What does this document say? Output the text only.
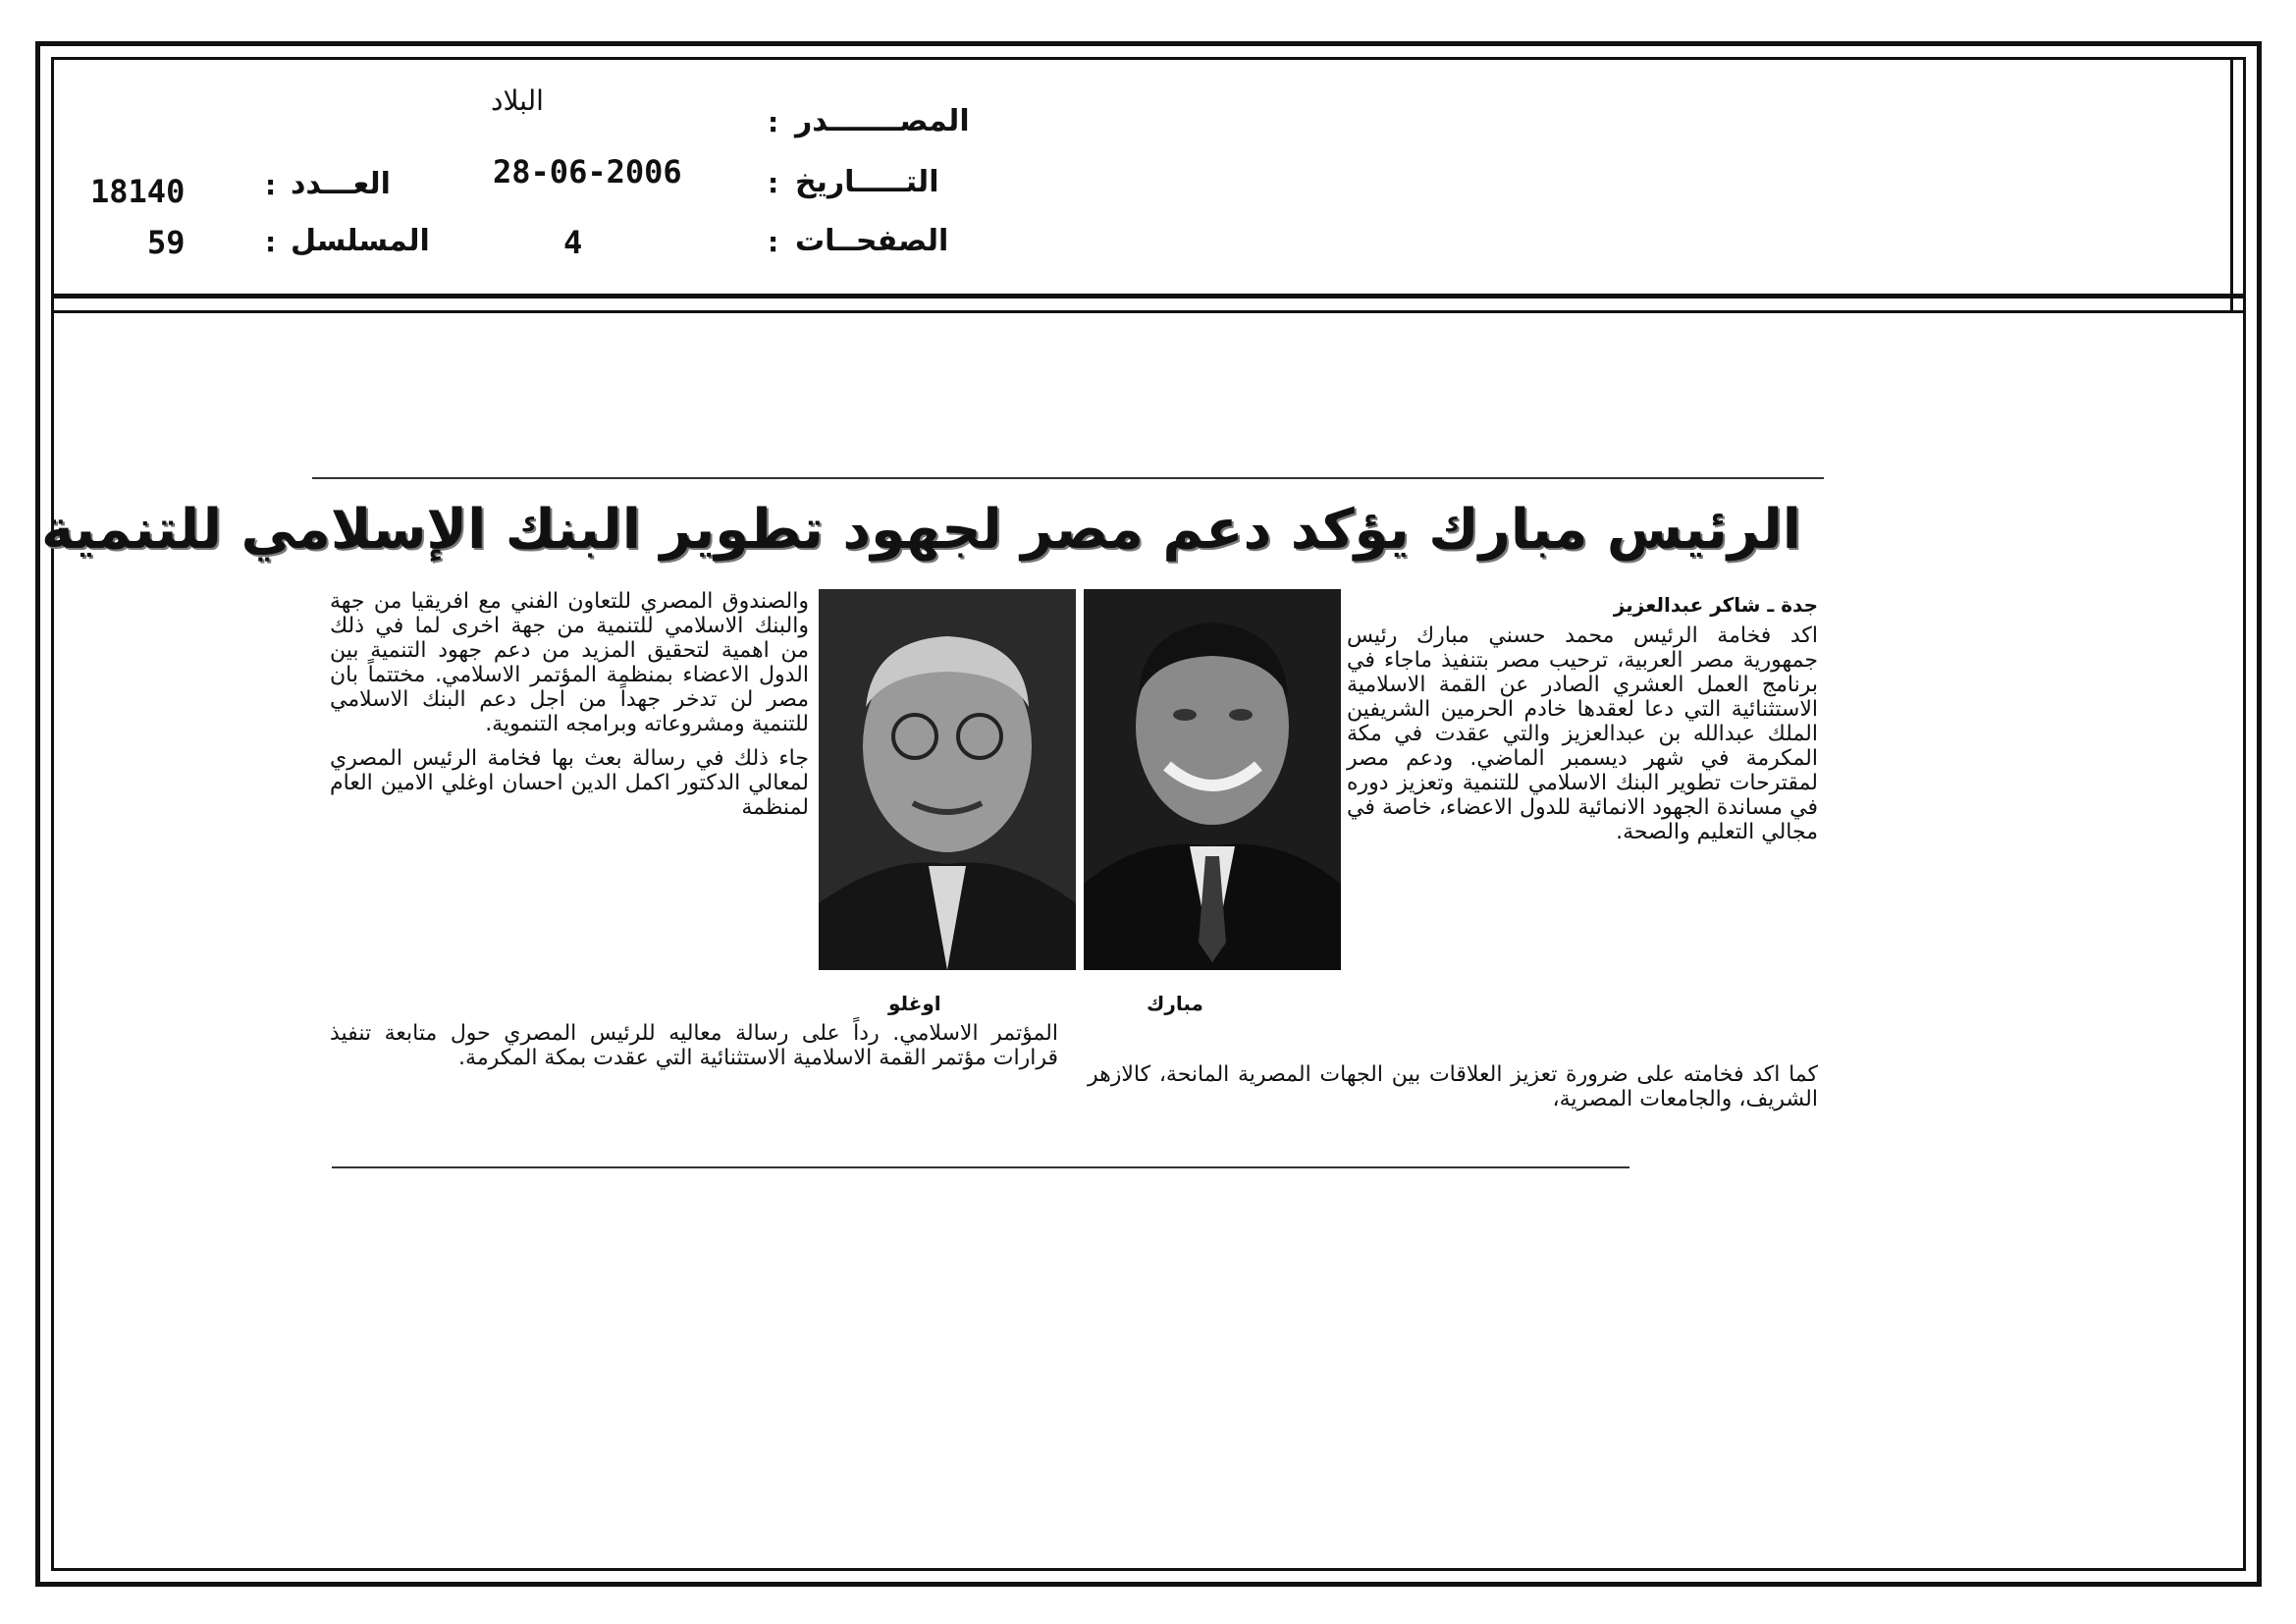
المصـــــــدر
:
البلاد
التـــــاريخ
:
28-06-2006
الصفحــات
:
4
العـــدد
:
18140
المسلسل
:
59
الرئيس مبارك يؤكد دعم مصر لجهود تطوير البنك الإسلامي للتنمية

جدة ـ شاكر عبدالعزيز

اكد فخامة الرئيس محمد حسني مبارك رئيس جمهورية مصر العربية، ترحيب مصر بتنفيذ ماجاء في برنامج العمل العشري الصادر عن القمة الاسلامية الاستثنائية التي دعا لعقدها خادم الحرمين الشريفين الملك عبدالله بن عبدالعزيز والتي عقدت في مكة المكرمة في شهر ديسمبر الماضي. ودعم مصر لمقترحات تطوير البنك الاسلامي للتنمية وتعزيز دوره في مساندة الجهود الانمائية للدول الاعضاء، خاصة في مجالي التعليم والصحة.

كما اكد فخامته على ضرورة تعزيز العلاقات بين الجهات المصرية المانحة، كالازهر الشريف، والجامعات المصرية،

مبارك
اوغلو

والصندوق المصري للتعاون الفني مع افريقيا من جهة والبنك الاسلامي للتنمية من جهة اخرى لما في ذلك من اهمية لتحقيق المزيد من دعم جهود التنمية بين الدول الاعضاء بمنظمة المؤتمر الاسلامي. مختتماً بان مصر لن تدخر جهداً من اجل دعم البنك الاسلامي للتنمية ومشروعاته وبرامجه التنموية.

جاء ذلك في رسالة بعث بها فخامة الرئيس المصري لمعالي الدكتور اكمل الدين احسان اوغلي الامين العام لمنظمة

المؤتمر الاسلامي. رداً على رسالة معاليه للرئيس المصري حول متابعة تنفيذ قرارات مؤتمر القمة الاسلامية الاستثنائية التي عقدت بمكة المكرمة.
